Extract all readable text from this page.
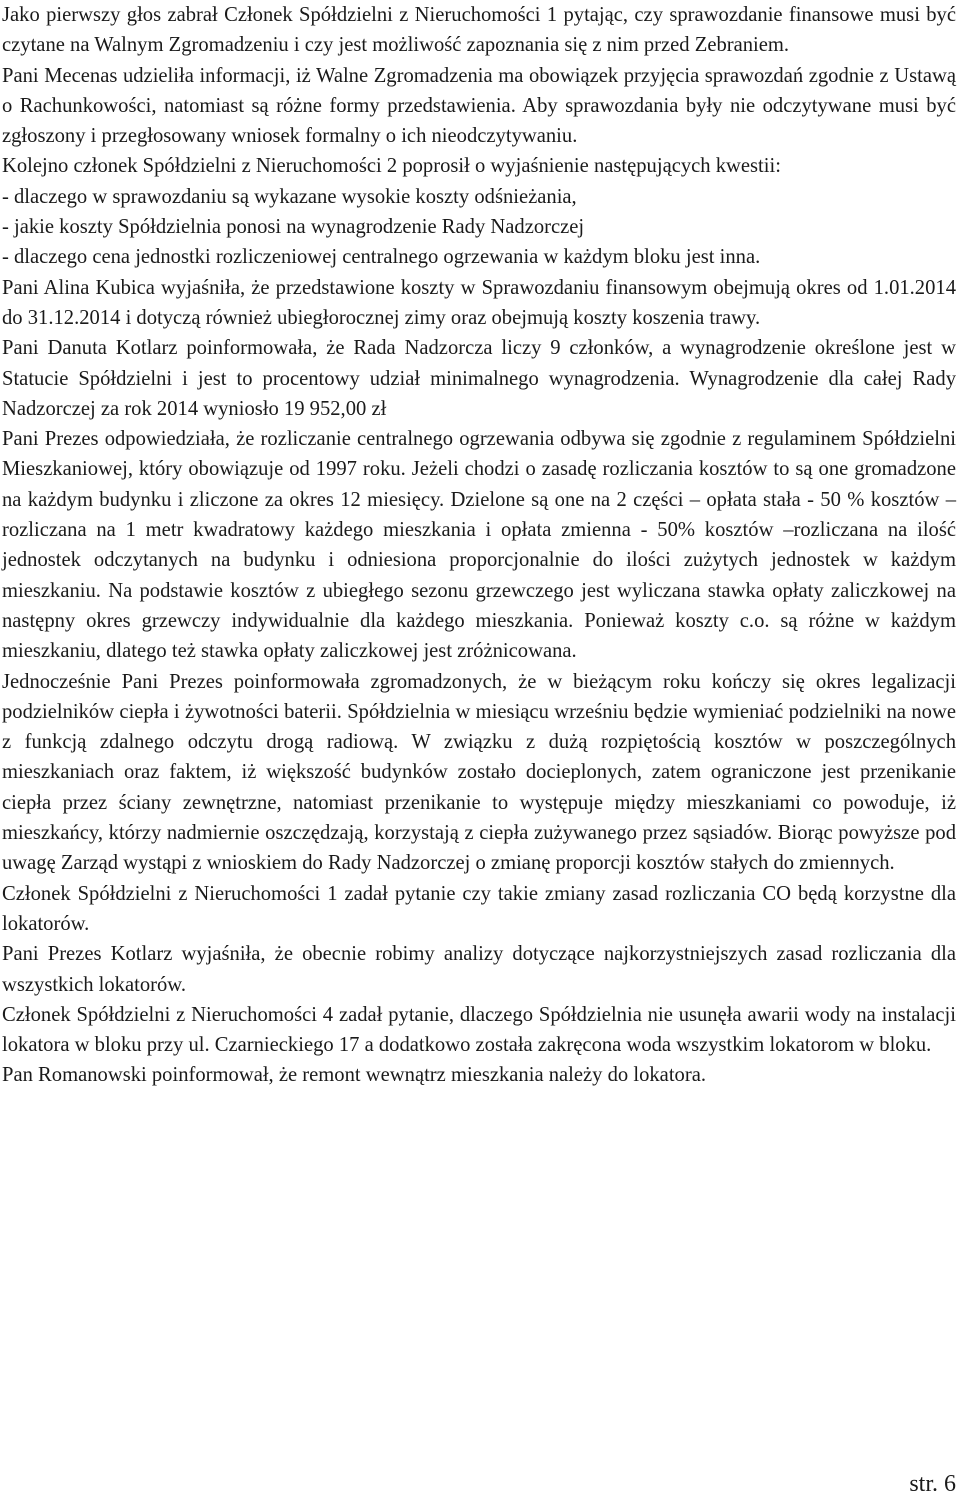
Jako pierwszy głos zabrał Członek Spółdzielni z Nieruchomości 1 pytając, czy sprawozdanie finansowe musi być czytane na Walnym Zgromadzeniu i czy jest możliwość zapoznania się z nim przed Zebraniem.

Pani Mecenas udzieliła informacji, iż Walne Zgromadzenia ma obowiązek przyjęcia sprawozdań zgodnie z Ustawą o Rachunkowości, natomiast są różne formy przedstawienia. Aby sprawozdania były nie odczytywane musi być zgłoszony i przegłosowany wniosek formalny o ich nieodczytywaniu.

Kolejno członek Spółdzielni z Nieruchomości 2 poprosił o wyjaśnienie następujących kwestii:

- dlaczego w sprawozdaniu są wykazane wysokie koszty odśnieżania,

- jakie koszty Spółdzielnia ponosi na wynagrodzenie Rady Nadzorczej

- dlaczego cena jednostki rozliczeniowej centralnego ogrzewania w każdym bloku jest inna.

Pani Alina Kubica wyjaśniła, że przedstawione koszty w Sprawozdaniu finansowym obejmują okres od 1.01.2014 do 31.12.2014 i dotyczą również ubiegłorocznej zimy oraz obejmują koszty koszenia trawy.

Pani Danuta Kotlarz poinformowała, że Rada Nadzorcza liczy 9 członków, a wynagrodzenie określone jest w Statucie Spółdzielni i jest to procentowy udział minimalnego wynagrodzenia. Wynagrodzenie dla całej Rady Nadzorczej za rok 2014 wyniosło 19 952,00 zł

Pani Prezes odpowiedziała, że rozliczanie centralnego ogrzewania odbywa się zgodnie z regulaminem Spółdzielni Mieszkaniowej, który obowiązuje od 1997 roku. Jeżeli chodzi o zasadę rozliczania kosztów to są one gromadzone na każdym budynku i zliczone za okres 12 miesięcy. Dzielone są one na 2 części – opłata stała - 50 % kosztów – rozliczana na 1 metr kwadratowy każdego mieszkania i opłata zmienna - 50% kosztów –rozliczana na ilość jednostek odczytanych na budynku i odniesiona proporcjonalnie do ilości zużytych jednostek w każdym mieszkaniu. Na podstawie kosztów z ubiegłego sezonu grzewczego jest wyliczana stawka opłaty zaliczkowej na następny okres grzewczy indywidualnie dla każdego mieszkania. Ponieważ koszty c.o. są różne w każdym mieszkaniu, dlatego też stawka opłaty zaliczkowej jest zróżnicowana.

Jednocześnie Pani Prezes poinformowała zgromadzonych, że w bieżącym roku kończy się okres legalizacji podzielników ciepła i żywotności baterii. Spółdzielnia w miesiącu wrześniu będzie wymieniać podzielniki na nowe z funkcją zdalnego odczytu drogą radiową. W związku z dużą rozpiętością kosztów w poszczególnych mieszkaniach oraz faktem, iż większość budynków zostało docieplonych, zatem ograniczone jest przenikanie ciepła przez ściany zewnętrzne, natomiast przenikanie to występuje między mieszkaniami co powoduje, iż mieszkańcy, którzy nadmiernie oszczędzają, korzystają z ciepła zużywanego przez sąsiadów. Biorąc powyższe pod uwagę Zarząd wystąpi z wnioskiem do Rady Nadzorczej o zmianę proporcji kosztów stałych do zmiennych.

Członek Spółdzielni z Nieruchomości 1 zadał pytanie czy takie zmiany zasad rozliczania CO będą korzystne dla lokatorów.

Pani Prezes Kotlarz wyjaśniła, że obecnie robimy analizy dotyczące najkorzystniejszych zasad rozliczania dla wszystkich lokatorów.

Członek Spółdzielni z Nieruchomości 4 zadał pytanie, dlaczego Spółdzielnia nie usunęła awarii wody na instalacji lokatora w bloku przy ul. Czarnieckiego 17 a dodatkowo została zakręcona woda wszystkim lokatorom w bloku.

Pan Romanowski poinformował, że remont wewnątrz mieszkania należy do lokatora.

str. 6
